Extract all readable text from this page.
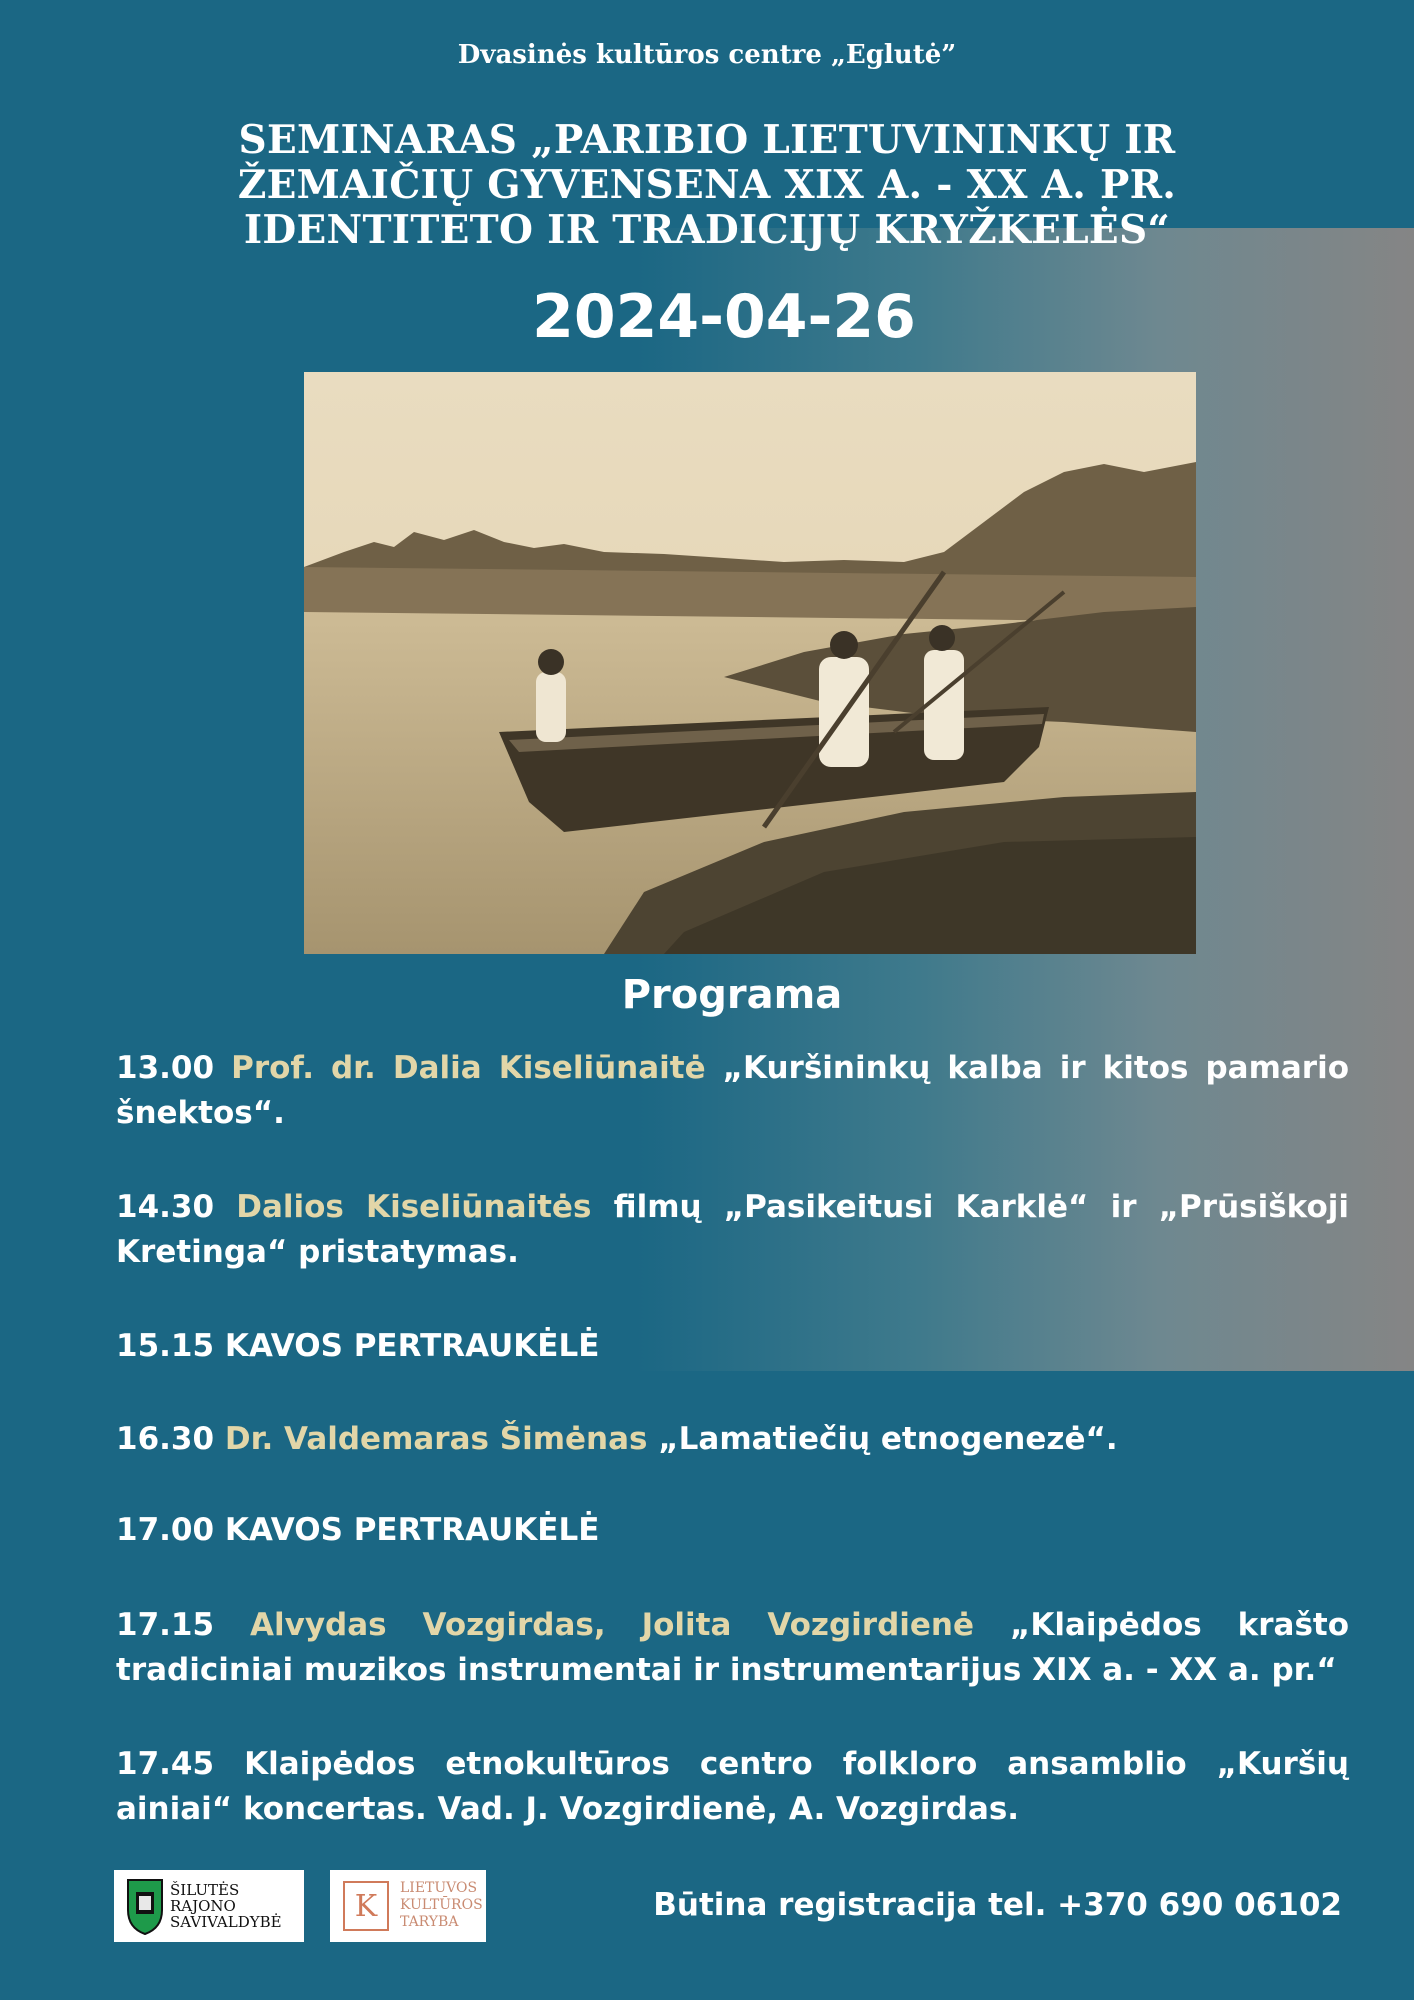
Dvasinės kultūros centre „Eglutė”
SEMINARAS „PARIBIO LIETUVININKŲ IR ŽEMAIČIŲ GYVENSENA XIX A. - XX A. PR. IDENTITETO IR TRADICIJŲ KRYŽKELĖS“
2024-04-26
Programa
13.00 Prof. dr. Dalia Kiseliūnaitė „Kuršininkų kalba ir kitos pamario šnektos“.
14.30 Dalios Kiseliūnaitės filmų „Pasikeitusi Karklė“ ir „Prūsiškoji Kretinga“ pristatymas.
15.15 KAVOS PERTRAUKĖLĖ
16.30 Dr. Valdemaras Šimėnas „Lamatiečių etnogenezė“.
17.00 KAVOS PERTRAUKĖLĖ
17.15 Alvydas Vozgirdas, Jolita Vozgirdienė „Klaipėdos krašto tradiciniai muzikos instrumentai ir instrumentarijus XIX a. - XX a. pr.“
17.45 Klaipėdos etnokultūros centro folkloro ansamblio „Kuršių ainiai“ koncertas. Vad. J. Vozgirdienė, A. Vozgirdas.
ŠILUTĖS
RAJONO
SAVIVALDYBĖ K
LIETUVOS
KULTŪROS
TARYBA	Būtina registracija tel. +370 690 06102
